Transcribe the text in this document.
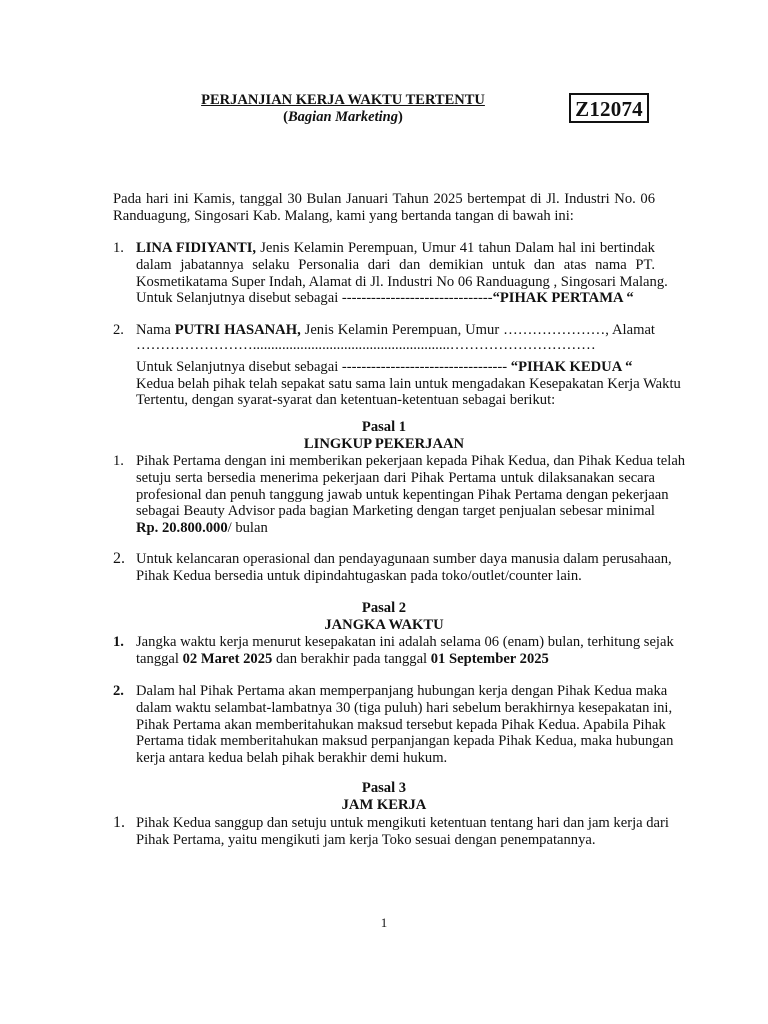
PERJANJIAN KERJA WAKTU TERTENTU
(Bagian Marketing)	Z12074
Pada hari ini Kamis, tanggal 30 Bulan Januari Tahun 2025 bertempat di Jl. Industri No. 06
Randuagung, Singosari Kab. Malang, kami yang bertanda tangan di bawah ini:
1. LINA FIDIYANTI, Jenis Kelamin Perempuan, Umur 41 tahun Dalam hal ini bertindak
dalam jabatannya selaku Personalia dari dan demikian untuk dan atas nama PT.
Kosmetikatama Super Indah, Alamat di Jl. Industri No 06 Randuagung , Singosari Malang.
Untuk Selanjutnya disebut sebagai -------------------------------“PIHAK PERTAMA “
2. Nama PUTRI HASANAH, Jenis Kelamin Perempuan, Umur …………………, Alamat
……………………......................................................…………………………
Untuk Selanjutnya disebut sebagai ---------------------------------- “PIHAK KEDUA “
Kedua belah pihak telah sepakat satu sama lain untuk mengadakan Kesepakatan Kerja Waktu
Tertentu, dengan syarat-syarat dan ketentuan-ketentuan sebagai berikut:
Pasal 1
LINGKUP PEKERJAAN
1. Pihak Pertama dengan ini memberikan pekerjaan kepada Pihak Kedua, dan Pihak Kedua telah
setuju serta bersedia menerima pekerjaan dari Pihak Pertama untuk dilaksanakan secara
profesional dan penuh tanggung jawab untuk kepentingan Pihak Pertama dengan pekerjaan
sebagai Beauty Advisor pada bagian Marketing dengan target penjualan sebesar minimal
Rp. 20.800.000/ bulan
2. Untuk kelancaran operasional dan pendayagunaan sumber daya manusia dalam perusahaan,
Pihak Kedua bersedia untuk dipindahtugaskan pada toko/outlet/counter lain.
Pasal 2
JANGKA WAKTU
1. Jangka waktu kerja menurut kesepakatan ini adalah selama 06 (enam) bulan, terhitung sejak
tanggal 02 Maret 2025 dan berakhir pada tanggal 01 September 2025
2. Dalam hal Pihak Pertama akan memperpanjang hubungan kerja dengan Pihak Kedua maka
dalam waktu selambat-lambatnya 30 (tiga puluh) hari sebelum berakhirnya kesepakatan ini,
Pihak Pertama akan memberitahukan maksud tersebut kepada Pihak Kedua. Apabila Pihak
Pertama tidak memberitahukan maksud perpanjangan kepada Pihak Kedua, maka hubungan
kerja antara kedua belah pihak berakhir demi hukum.
Pasal 3
JAM KERJA
1. Pihak Kedua sanggup dan setuju untuk mengikuti ketentuan tentang hari dan jam kerja dari
Pihak Pertama, yaitu mengikuti jam kerja Toko sesuai dengan penempatannya.
1
